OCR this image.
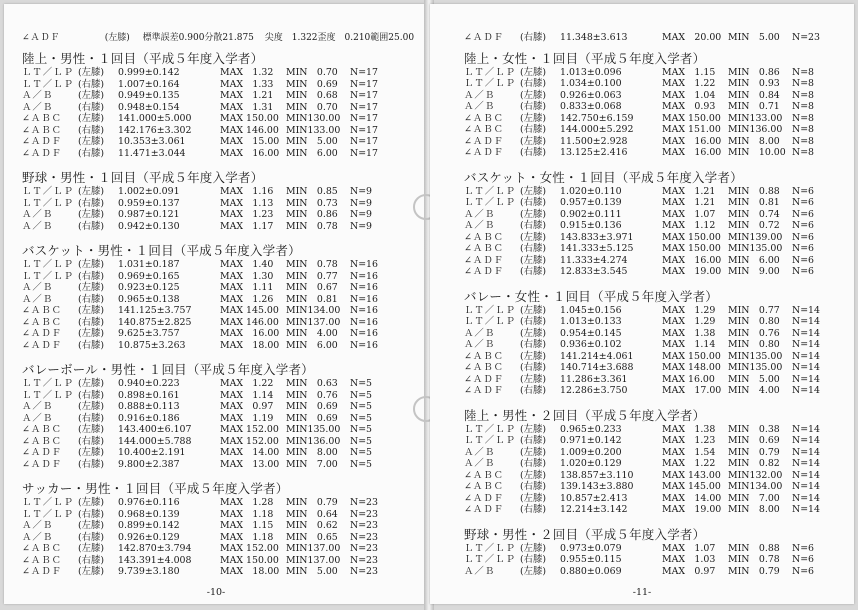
∠ＡＤＦ	(左膝)	標準誤差0.900 分散21.875	尖度　1.322 歪度　0.210 範囲25.00
陸上・男性・１回目（平成５年度入学者）
ＬＴ／ＬＰ (左膝)	0.999±0.142	MAX　1.32	MIN　0.70	N=17
ＬＴ／ＬＰ (右膝)	1.007±0.164	MAX　1.33	MIN　0.69	N=17
Ａ／Ｂ	(左膝)	0.949±0.135	MAX　1.21	MIN　0.68	N=17
Ａ／Ｂ	(右膝)	0.948±0.154	MAX　1.31	MIN　0.70	N=17
∠ＡＢＣ	(左膝)	141.000±5.000	MAX 150.00 MIN130.00	N=17
∠ＡＢＣ	(右膝)	142.176±3.302	MAX 146.00 MIN133.00	N=17
∠ＡＤＦ	(左膝)	10.353±3.061	MAX　15.00 MIN　5.00	N=17
∠ＡＤＦ	(右膝)	11.471±3.044	MAX　16.00 MIN　6.00	N=17
野球・男性・１回目（平成５年度入学者）
ＬＴ／ＬＰ (左膝)	1.002±0.091	MAX　1.16	MIN　0.85	N=9
ＬＴ／ＬＰ (右膝)	0.959±0.137	MAX　1.13	MIN　0.73	N=9
Ａ／Ｂ	(左膝)	0.987±0.121	MAX　1.23	MIN　0.86	N=9
Ａ／Ｂ	(右膝)	0.942±0.130	MAX　1.17	MIN　0.78	N=9
バスケット・男性・１回目（平成５年度入学者）
ＬＴ／ＬＰ (左膝)	1.031±0.187	MAX　1.40	MIN　0.78	N=16
ＬＴ／ＬＰ (右膝)	0.969±0.165	MAX　1.30	MIN　0.77	N=16
Ａ／Ｂ	(左膝)	0.923±0.125	MAX　1.11	MIN　0.67	N=16
Ａ／Ｂ	(右膝)	0.965±0.138	MAX　1.26	MIN　0.81	N=16
∠ＡＢＣ	(左膝)	141.125±3.757	MAX 145.00 MIN134.00	N=16
∠ＡＢＣ	(右膝)	140.875±2.825	MAX 146.00 MIN137.00	N=16
∠ＡＤＦ	(左膝)	9.625±3.757	MAX　16.00 MIN　4.00	N=16
∠ＡＤＦ	(右膝)	10.875±3.263	MAX　18.00 MIN　6.00	N=16
バレーボール・男性・１回目（平成５年度入学者）
ＬＴ／ＬＰ (左膝)	0.940±0.223	MAX　1.22	MIN　0.63	N=5
ＬＴ／ＬＰ (右膝)	0.898±0.161	MAX　1.14	MIN　0.76	N=5
Ａ／Ｂ	(左膝)	0.888±0.113	MAX　0.97	MIN　0.69	N=5
Ａ／Ｂ	(右膝)	0.916±0.186	MAX　1.19	MIN　0.69	N=5
∠ＡＢＣ	(左膝)	143.400±6.107	MAX 152.00 MIN135.00	N=5
∠ＡＢＣ	(右膝)	144.000±5.788	MAX 152.00 MIN136.00	N=5
∠ＡＤＦ	(左膝)	10.400±2.191	MAX　14.00 MIN　8.00	N=5
∠ＡＤＦ	(右膝)	9.800±2.387	MAX　13.00 MIN　7.00	N=5
サッカー・男性・１回目（平成５年度入学者）
ＬＴ／ＬＰ (左膝)	0.976±0.116	MAX　1.28	MIN　0.79	N=23
ＬＴ／ＬＰ (右膝)	0.968±0.139	MAX　1.18	MIN　0.64	N=23
Ａ／Ｂ	(左膝)	0.899±0.142	MAX　1.15	MIN　0.62	N=23
Ａ／Ｂ	(右膝)	0.926±0.129	MAX　1.18	MIN　0.65	N=23
∠ＡＢＣ	(左膝)	142.870±3.794	MAX 152.00 MIN137.00	N=23
∠ＡＢＣ	(右膝)	143.391±4.008	MAX 150.00 MIN137.00	N=23
∠ＡＤＦ	(左膝)	9.739±3.180	MAX　18.00 MIN　5.00	N=23
-10-
∠ＡＤＦ	(右膝)	11.348±3.613	MAX　20.00 MIN　5.00	N=23
陸上・女性・１回目（平成５年度入学者）
ＬＴ／ＬＰ (左膝)	1.013±0.096	MAX　1.15	MIN　0.86	N=8
ＬＴ／ＬＰ (右膝)	1.034±0.100	MAX　1.22	MIN　0.93	N=8
Ａ／Ｂ	(左膝)	0.926±0.063	MAX　1.04	MIN　0.84	N=8
Ａ／Ｂ	(右膝)	0.833±0.068	MAX　0.93	MIN　0.71	N=8
∠ＡＢＣ	(左膝)	142.750±6.159	MAX 150.00 MIN133.00	N=8
∠ＡＢＣ	(右膝)	144.000±5.292	MAX 151.00 MIN136.00	N=8
∠ＡＤＦ	(左膝)	11.500±2.928	MAX　16.00 MIN　8.00	N=8
∠ＡＤＦ	(右膝)	13.125±2.416	MAX　16.00 MIN　10.00 N=8
バスケット・女性・１回目（平成５年度入学者）
ＬＴ／ＬＰ (左膝)	1.020±0.110	MAX　1.21	MIN　0.88	N=6
ＬＴ／ＬＰ (右膝)	0.957±0.139	MAX　1.21	MIN　0.81	N=6
Ａ／Ｂ	(左膝)	0.902±0.111	MAX　1.07	MIN　0.74	N=6
Ａ／Ｂ	(右膝)	0.915±0.136	MAX　1.12	MIN　0.72	N=6
∠ＡＢＣ	(左膝)	143.833±3.971	MAX 150.00 MIN139.00	N=6
∠ＡＢＣ	(右膝)	141.333±5.125	MAX 150.00 MIN135.00	N=6
∠ＡＤＦ	(左膝)	11.333±4.274	MAX　16.00 MIN　6.00	N=6
∠ＡＤＦ	(右膝)	12.833±3.545	MAX　19.00 MIN　9.00	N=6
バレー・女性・１回目（平成５年度入学者）
ＬＴ／ＬＰ (左膝)	1.045±0.156	MAX　1.29	MIN　0.77	N=14
ＬＴ／ＬＰ (右膝)	1.013±0.133	MAX　1.29	MIN　0.80	N=14
Ａ／Ｂ	(左膝)	0.954±0.145	MAX　1.38	MIN　0.76	N=14
Ａ／Ｂ	(右膝)	0.936±0.102	MAX　1.14	MIN　0.80	N=14
∠ＡＢＣ	(左膝)	141.214±4.061	MAX 150.00 MIN135.00	N=14
∠ＡＢＣ	(右膝)	140.714±3.688	MAX 148.00 MIN135.00	N=14
∠ＡＤＦ	(左膝)	11.286±3.361	MAX 16.00	MIN　5.00	N=14
∠ＡＤＦ	(右膝)	12.286±3.750	MAX　17.00 MIN　4.00	N=14
陸上・男性・２回目（平成５年度入学者）
ＬＴ／ＬＰ (左膝)	0.965±0.233	MAX　1.38	MIN　0.38	N=14
ＬＴ／ＬＰ (右膝)	0.971±0.142	MAX　1.23	MIN　0.69	N=14
Ａ／Ｂ	(左膝)	1.009±0.200	MAX　1.54	MIN　0.79	N=14
Ａ／Ｂ	(右膝)	1.020±0.129	MAX　1.22	MIN　0.82	N=14
∠ＡＢＣ	(左膝)	138.857±3.110	MAX 143.00 MIN132.00	N=14
∠ＡＢＣ	(右膝)	139.143±3.880	MAX 145.00 MIN134.00	N=14
∠ＡＤＦ	(左膝)	10.857±2.413	MAX　14.00 MIN　7.00	N=14
∠ＡＤＦ	(右膝)	12.214±3.142	MAX　19.00 MIN　8.00	N=14
野球・男性・２回目（平成５年度入学者）
ＬＴ／ＬＰ (左膝)	0.973±0.079	MAX　1.07	MIN　0.88	N=6
ＬＴ／ＬＰ (右膝)	0.955±0.115	MAX　1.03	MIN　0.78	N=6
Ａ／Ｂ	(左膝)	0.880±0.069	MAX　0.97	MIN　0.79	N=6
-11-
